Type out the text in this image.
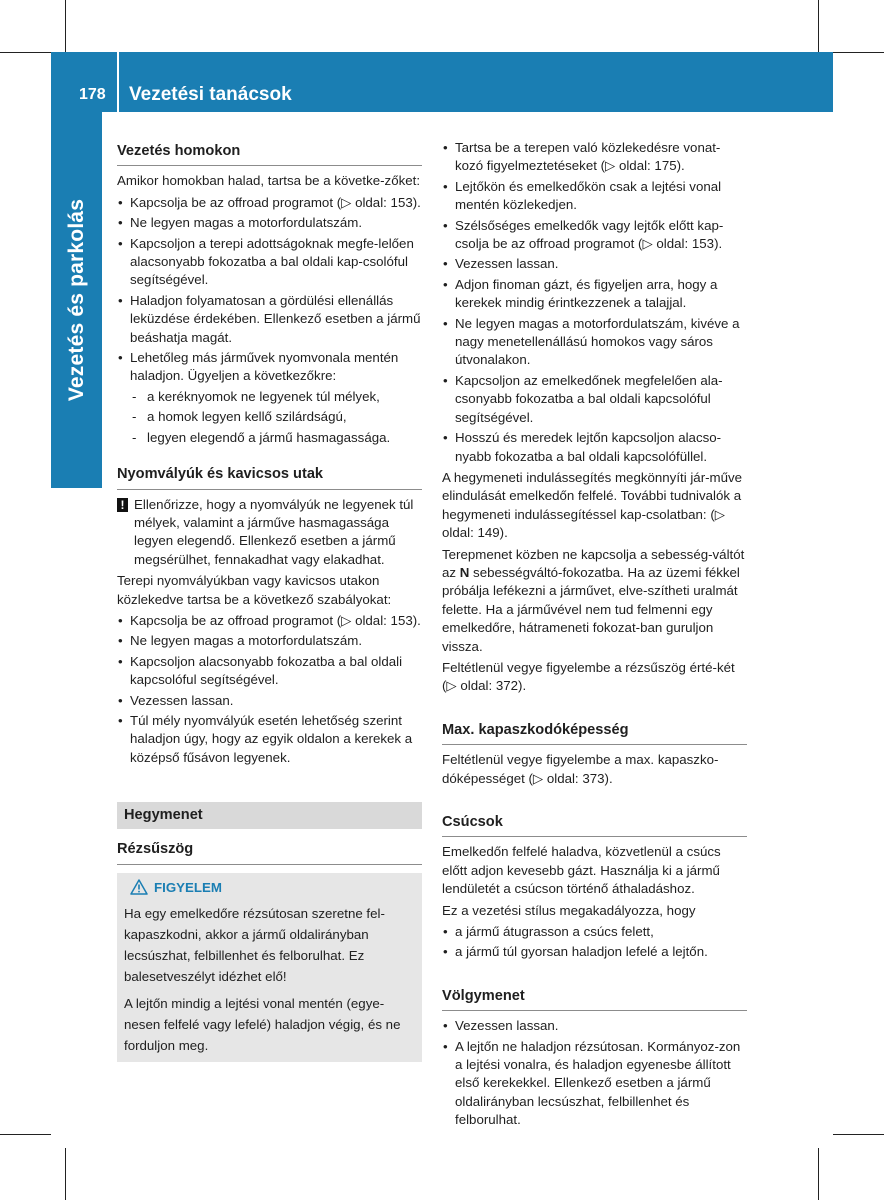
178 Vezetési tanácsok
Vezetés és parkolás
Vezetés homokon

Amikor homokban halad, tartsa be a követke-zőket:

• Kapcsolja be az offroad programot (▷ oldal: 153).
• Ne legyen magas a motorfordulatszám.
• Kapcsoljon a terepi adottságoknak megfe-lelően alacsonyabb fokozatba a bal oldali kap-csolóful segítségével.
• Haladjon folyamatosan a gördülési ellenállás leküzdése érdekében. Ellenkező esetben a jármű beáshatja magát.
• Lehetőleg más járművek nyomvonala mentén haladjon. Ügyeljen a következőkre:
- a keréknyomok ne legyenek túl mélyek,
- a homok legyen kellő szilárdságú,
- legyen elegendő a jármű hasmagassága.
Nyomvályúk és kavicsos utak
! Ellenőrizze, hogy a nyomvályúk ne legyenek túl mélyek, valamint a járműve hasmagassága legyen elegendő. Ellenkező esetben a jármű megsérülhet, fennakadhat vagy elakadhat.

Terepi nyomvályúkban vagy kavicsos utakon közlekedve tartsa be a következő szabályokat:

• Kapcsolja be az offroad programot (▷ oldal: 153).
• Ne legyen magas a motorfordulatszám.
• Kapcsoljon alacsonyabb fokozatba a bal oldali kapcsolóful segítségével.
• Vezessen lassan.
• Túl mély nyomvályúk esetén lehetőség szerint haladjon úgy, hogy az egyik oldalon a kerekek a középső fűsávon legyenek.
Hegymenet
Rézsűszög
FIGYELEM

Ha egy emelkedőre rézsútosan szeretne fel-kapaszkodni, akkor a jármű oldalirányban lecsúszhat, felbillenhet és felborulhat. Ez balesetveszélyt idézhet elő!

A lejtőn mindig a lejtési vonal mentén (egye-nesen felfelé vagy lefelé) haladjon végig, és ne forduljon meg.

• Tartsa be a terepen való közlekedésre vonat-kozó figyelmeztetéseket (▷ oldal: 175).
• Lejtőkön és emelkedőkön csak a lejtési vonal mentén közlekedjen.
• Szélsőséges emelkedők vagy lejtők előtt kap-csolja be az offroad programot (▷ oldal: 153).
• Vezessen lassan.
• Adjon finoman gázt, és figyeljen arra, hogy a kerekek mindig érintkezzenek a talajjal.
• Ne legyen magas a motorfordulatszám, kivéve a nagy menetellenállású homokos vagy sáros útvonalakon.
• Kapcsoljon az emelkedőnek megfelelően ala-csonyabb fokozatba a bal oldali kapcsolóful segítségével.
• Hosszú és meredek lejtőn kapcsoljon alacso-nyabb fokozatba a bal oldali kapcsolófüllel.

A hegymeneti indulássegítés megkönnyíti jár-műve elindulását emelkedőn felfelé. További tudnivalók a hegymeneti indulássegítéssel kap-csolatban: (▷ oldal: 149).

Terepmenet közben ne kapcsolja a sebesség-váltót az N sebességváltó-fokozatba. Ha az üzemi fékkel próbálja lefékezni a járművet, elve-szítheti uralmát felette. Ha a járművével nem tud felmenni egy emelkedőre, hátrameneti fokozat-ban guruljon vissza.

Feltétlenül vegye figyelembe a rézsűszög érté-két (▷ oldal: 372).

Max. kapaszkodóképesség

Feltétlenül vegye figyelembe a max. kapaszko-dóképességet (▷ oldal: 373).

Csúcsok

Emelkedőn felfelé haladva, közvetlenül a csúcs előtt adjon kevesebb gázt. Használja ki a jármű lendületét a csúcson történő áthaladáshoz.

Ez a vezetési stílus megakadályozza, hogy

• a jármű átugrasson a csúcs felett,
• a jármű túl gyorsan haladjon lefelé a lejtőn.
Völgymenet
• Vezessen lassan.
• A lejtőn ne haladjon rézsútosan. Kormányoz-zon a lejtési vonalra, és haladjon egyenesbe állított első kerekekkel. Ellenkező esetben a jármű oldalirányban lecsúszhat, felbillenhet és felborulhat.
